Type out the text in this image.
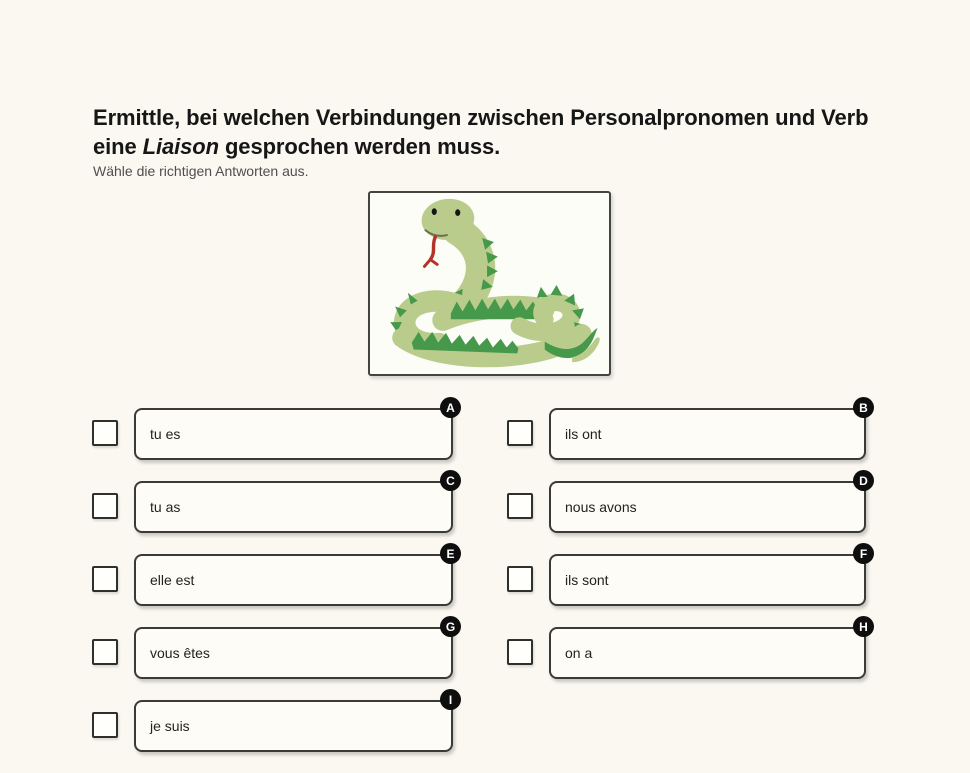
Ermittle, bei welchen Verbindungen zwischen Personalpronomen und Verb eine Liaison gesprochen werden muss.

Wähle die richtigen Antworten aus.

tu es
A
ils ont
B
tu as
C
nous avons
D
elle est
E
ils sont
F
vous êtes
G
on a
H
je suis
I
